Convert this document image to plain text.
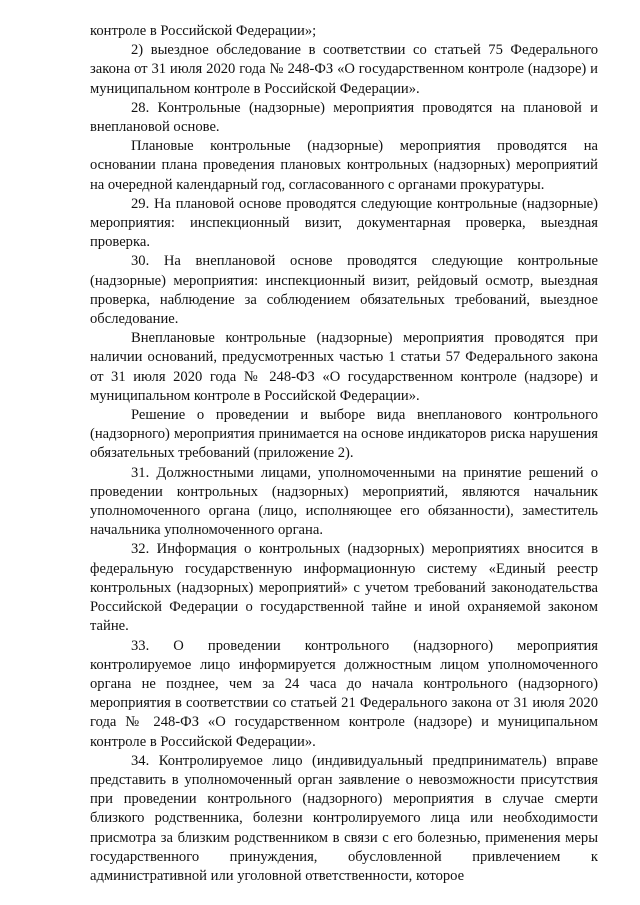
контроле в Российской Федерации»;

2) выездное обследование в соответствии со статьей 75 Федерального закона от 31 июля 2020 года № 248-ФЗ «О государственном контроле (надзоре) и муниципальном контроле в Российской Федерации».

28. Контрольные (надзорные) мероприятия проводятся на плановой и внеплановой основе.

Плановые контрольные (надзорные) мероприятия проводятся на основании плана проведения плановых контрольных (надзорных) мероприятий на очередной календарный год, согласованного с органами прокуратуры.

29. На плановой основе проводятся следующие контрольные (надзорные) мероприятия: инспекционный визит, документарная проверка, выездная проверка.

30. На внеплановой основе проводятся следующие контрольные (надзорные) мероприятия: инспекционный визит, рейдовый осмотр, выездная проверка, наблюдение за соблюдением обязательных требований, выездное обследование.

Внеплановые контрольные (надзорные) мероприятия проводятся при наличии оснований, предусмотренных частью 1 статьи 57 Федерального закона от 31 июля 2020 года № 248-ФЗ «О государственном контроле (надзоре) и муниципальном контроле в Российской Федерации».

Решение о проведении и выборе вида внепланового контрольного (надзорного) мероприятия принимается на основе индикаторов риска нарушения обязательных требований (приложение 2).

31. Должностными лицами, уполномоченными на принятие решений о проведении контрольных (надзорных) мероприятий, являются начальник уполномоченного органа (лицо, исполняющее его обязанности), заместитель начальника уполномоченного органа.

32. Информация о контрольных (надзорных) мероприятиях вносится в федеральную государственную информационную систему «Единый реестр контрольных (надзорных) мероприятий» с учетом требований законодательства Российской Федерации о государственной тайне и иной охраняемой законом тайне.

33. О проведении контрольного (надзорного) мероприятия контролируемое лицо информируется должностным лицом уполномоченного органа не позднее, чем за 24 часа до начала контрольного (надзорного) мероприятия в соответствии со статьей 21 Федерального закона от 31 июля 2020 года № 248-ФЗ «О государственном контроле (надзоре) и муниципальном контроле в Российской Федерации».

34. Контролируемое лицо (индивидуальный предприниматель) вправе представить в уполномоченный орган заявление о невозможности присутствия при проведении контрольного (надзорного) мероприятия в случае смерти близкого родственника, болезни контролируемого лица или необходимости присмотра за близким родственником в связи с его болезнью, применения меры государственного принуждения, обусловленной привлечением к административной или уголовной ответственности, которое
